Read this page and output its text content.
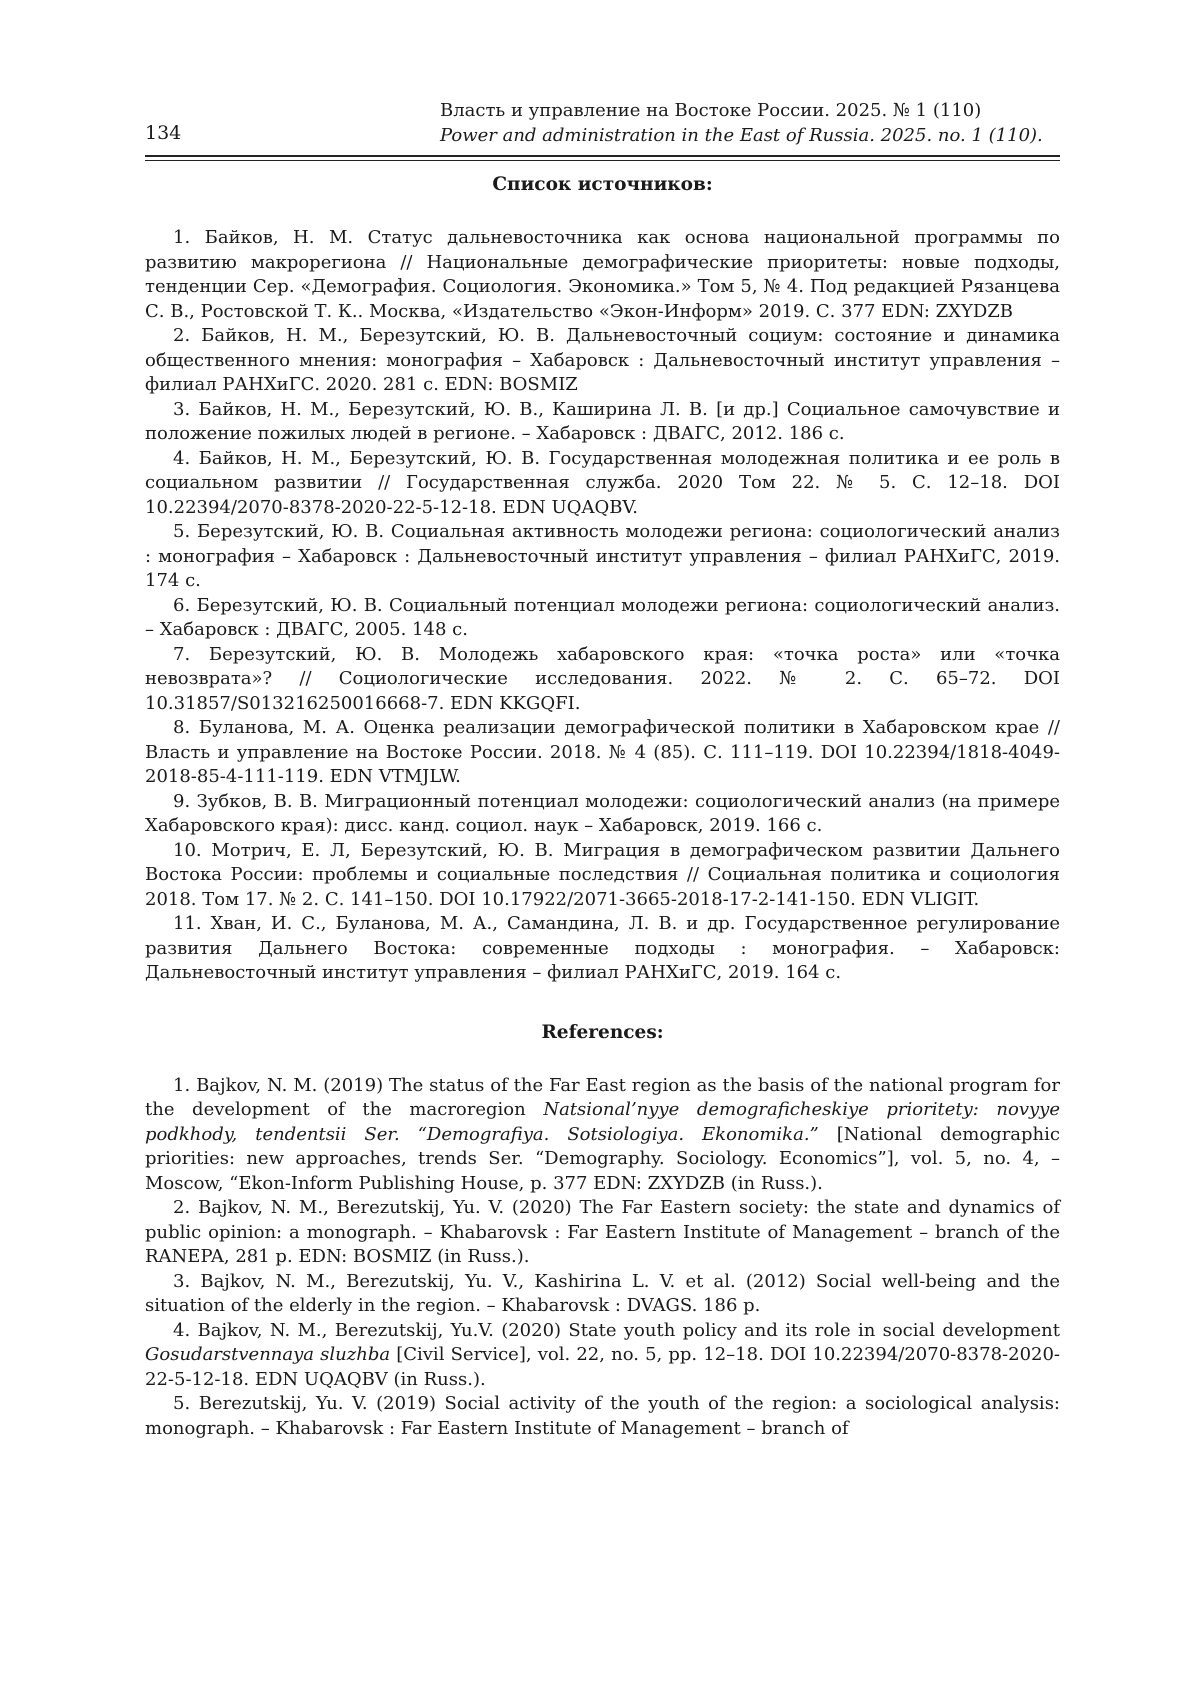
134
Власть и управление на Востоке России. 2025. № 1 (110)
Power and administration in the East of Russia. 2025. no. 1 (110).
Список источников:

1. Байков, Н. М. Статус дальневосточника как основа национальной программы по развитию макрорегиона // Национальные демографические приоритеты: новые подходы, тенденции Сер. «Демография. Социология. Экономика.» Том 5, № 4. Под редакцией Рязанцева С. В., Ростовской Т. К.. Москва, «Издательство «Экон-Информ» 2019. С. 377 EDN: ZXYDZB

2. Байков, Н. М., Березутский, Ю. В. Дальневосточный социум: состояние и динамика общественного мнения: монография – Хабаровск : Дальневосточный институт управления – филиал РАНХиГС. 2020. 281 с. EDN: BOSMIZ

3. Байков, Н. М., Березутский, Ю. В., Каширина Л. В. [и др.] Социальное самочувствие и положение пожилых людей в регионе. – Хабаровск : ДВАГС, 2012. 186 с.

4. Байков, Н. М., Березутский, Ю. В. Государственная молодежная политика и ее роль в социальном развитии // Государственная служба. 2020 Том 22. № 5. С. 12–18. DOI 10.22394/2070-8378-2020-22-5-12-18. EDN UQAQBV.

5. Березутский, Ю. В. Социальная активность молодежи региона: социологический анализ : монография – Хабаровск : Дальневосточный институт управления – филиал РАНХиГС, 2019. 174 с.

6. Березутский, Ю. В. Социальный потенциал молодежи региона: социологический анализ. – Хабаровск : ДВАГС, 2005. 148 с.

7. Березутский, Ю. В. Молодежь хабаровского края: «точка роста» или «точка невозврата»? // Социологические исследования. 2022. № 2. С. 65–72. DOI 10.31857/S013216250016668-7. EDN KKGQFI.

8. Буланова, М. А. Оценка реализации демографической политики в Хабаровском крае // Власть и управление на Востоке России. 2018. № 4 (85). С. 111–119. DOI 10.22394/1818-4049-2018-85-4-111-119. EDN VTMJLW.

9. Зубков, В. В. Миграционный потенциал молодежи: социологический анализ (на примере Хабаровского края): дисс. канд. социол. наук – Хабаровск, 2019. 166 с.

10. Мотрич, Е. Л, Березутский, Ю. В. Миграция в демографическом развитии Дальнего Востока России: проблемы и социальные последствия // Социальная политика и социология 2018. Том 17. № 2. С. 141–150. DOI 10.17922/2071-3665-2018-17-2-141-150. EDN VLIGIT.

11. Хван, И. С., Буланова, М. А., Самандина, Л. В. и др. Государственное регулирование развития Дальнего Востока: современные подходы : монография. – Хабаровск: Дальневосточный институт управления – филиал РАНХиГС, 2019. 164 с.

References:

1. Bajkov, N. M. (2019) The status of the Far East region as the basis of the national program for the development of the macroregion Natsional’nyye demograficheskiye prioritety: novyye podkhody, tendentsii Ser. “Demografiya. Sotsiologiya. Ekonomika.” [National demographic priorities: new approaches, trends Ser. “Demography. Sociology. Economics”], vol. 5, no. 4, – Moscow, “Ekon-Inform Publishing House, p. 377 EDN: ZXYDZB (in Russ.).

2. Bajkov, N. M., Berezutskij, Yu. V. (2020) The Far Eastern society: the state and dynamics of public opinion: a monograph. – Khabarovsk : Far Eastern Institute of Management – branch of the RANEPA, 281 p. EDN: BOSMIZ (in Russ.).

3. Bajkov, N. M., Berezutskij, Yu. V., Kashirina L. V. et al. (2012) Social well-being and the situation of the elderly in the region. – Khabarovsk : DVAGS. 186 p.

4. Bajkov, N. M., Berezutskij, Yu.V. (2020) State youth policy and its role in social development Gosudarstvennaya sluzhba [Civil Service], vol. 22, no. 5, pp. 12–18. DOI 10.22394/2070-8378-2020-22-5-12-18. EDN UQAQBV (in Russ.).

5. Berezutskij, Yu. V. (2019) Social activity of the youth of the region: a sociological analysis: monograph. – Khabarovsk : Far Eastern Institute of Management – branch of
